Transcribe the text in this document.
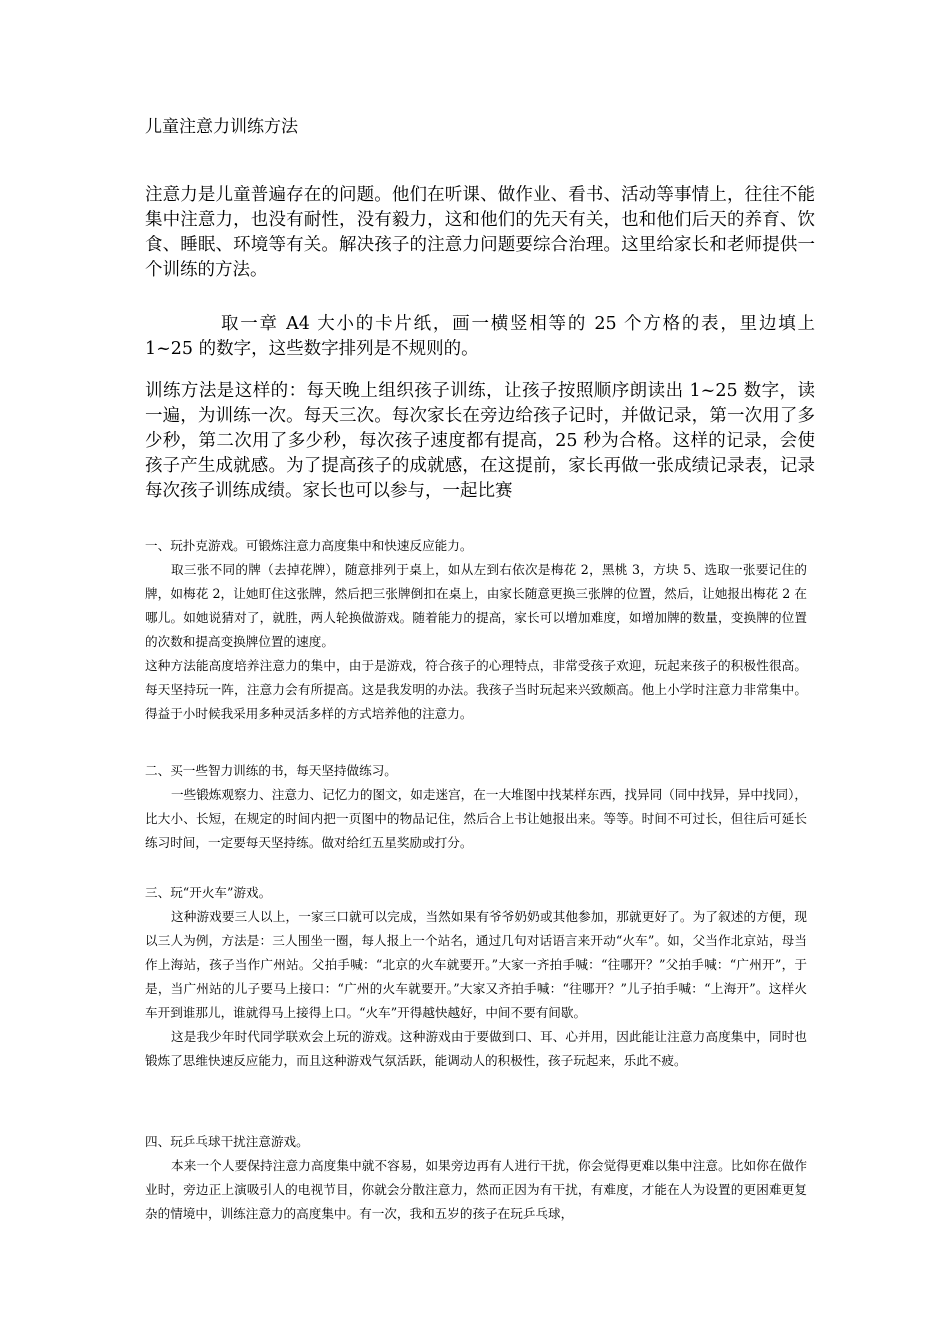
儿童注意力训练方法

注意力是儿童普遍存在的问题。他们在听课、做作业、看书、活动等事情上，往往不能集中注意力，也没有耐性，没有毅力，这和他们的先天有关，也和他们后天的养育、饮食、睡眠、环境等有关。解决孩子的注意力问题要综合治理。这里给家长和老师提供一个训练的方法。

取一章 A4 大小的卡片纸，画一横竖相等的 25 个方格的表，里边填上 1~25 的数字，这些数字排列是不规则的。

训练方法是这样的：每天晚上组织孩子训练，让孩子按照顺序朗读出 1~25 数字，读一遍，为训练一次。每天三次。每次家长在旁边给孩子记时，并做记录，第一次用了多少秒，第二次用了多少秒，每次孩子速度都有提高，25 秒为合格。这样的记录，会使孩子产生成就感。为了提高孩子的成就感，在这提前，家长再做一张成绩记录表，记录每次孩子训练成绩。家长也可以参与，一起比赛

一、玩扑克游戏。可锻炼注意力高度集中和快速反应能力。

取三张不同的牌（去掉花牌），随意排列于桌上，如从左到右依次是梅花 2，黑桃 3，方块 5、选取一张要记住的牌，如梅花 2，让她盯住这张牌，然后把三张牌倒扣在桌上，由家长随意更换三张牌的位置，然后，让她报出梅花 2 在哪儿。如她说猜对了，就胜，两人轮换做游戏。随着能力的提高，家长可以增加难度，如增加牌的数量，变换牌的位置的次数和提高变换牌位置的速度。

这种方法能高度培养注意力的集中，由于是游戏，符合孩子的心理特点，非常受孩子欢迎，玩起来孩子的积极性很高。每天坚持玩一阵，注意力会有所提高。这是我发明的办法。我孩子当时玩起来兴致颇高。他上小学时注意力非常集中。得益于小时候我采用多种灵活多样的方式培养他的注意力。

二、买一些智力训练的书，每天坚持做练习。

一些锻炼观察力、注意力、记忆力的图文，如走迷宫，在一大堆图中找某样东西，找异同（同中找异，异中找同），比大小、长短，在规定的时间内把一页图中的物品记住，然后合上书让她报出来。等等。时间不可过长，但往后可延长练习时间，一定要每天坚持练。做对给红五星奖励或打分。

三、玩“开火车”游戏。

这种游戏要三人以上，一家三口就可以完成，当然如果有爷爷奶奶或其他参加，那就更好了。为了叙述的方便，现以三人为例，方法是：三人围坐一圈，每人报上一个站名，通过几句对话语言来开动“火车”。如，父当作北京站，母当作上海站，孩子当作广州站。父拍手喊：“北京的火车就要开。”大家一齐拍手喊：“往哪开？”父拍手喊：“广州开”，于是，当广州站的儿子要马上接口：“广州的火车就要开。”大家又齐拍手喊：“往哪开？”儿子拍手喊：“上海开”。这样火车开到谁那儿，谁就得马上接得上口。“火车”开得越快越好，中间不要有间歇。

这是我少年时代同学联欢会上玩的游戏。这种游戏由于要做到口、耳、心并用，因此能让注意力高度集中，同时也锻炼了思维快速反应能力，而且这种游戏气氛活跃，能调动人的积极性，孩子玩起来，乐此不疲。

四、玩乒乓球干扰注意游戏。

本来一个人要保持注意力高度集中就不容易，如果旁边再有人进行干扰，你会觉得更难以集中注意。比如你在做作业时，旁边正上演吸引人的电视节目，你就会分散注意力，然而正因为有干扰，有难度，才能在人为设置的更困难更复杂的情境中，训练注意力的高度集中。有一次，我和五岁的孩子在玩乒乓球，
